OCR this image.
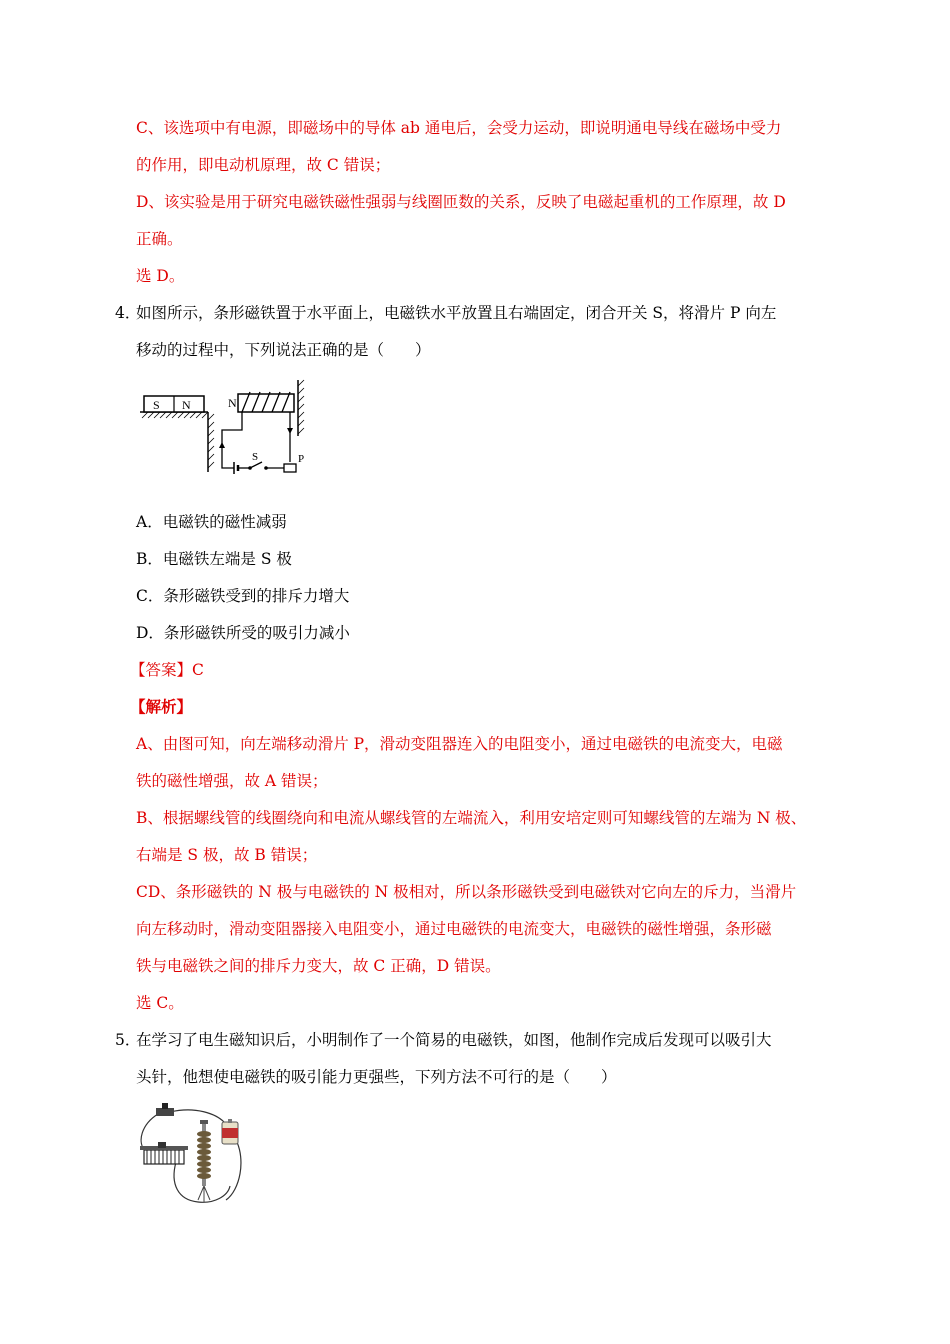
C、该选项中有电源，即磁场中的导体 ab 通电后，会受力运动，即说明通电导线在磁场中受力
的作用，即电动机原理，故 C 错误；
D、该实验是用于研究电磁铁磁性强弱与线圈匝数的关系，反映了电磁起重机的工作原理，故 D
正确。
选 D。
4．
如图所示，条形磁铁置于水平面上，电磁铁水平放置且右端固定，闭合开关 S，将滑片 P 向左
移动的过程中，下列说法正确的是（　　）
S N	N
S	P
A．电磁铁的磁性减弱
B．电磁铁左端是 S 极
C．条形磁铁受到的排斥力增大
D．条形磁铁所受的吸引力减小
【答案】C
【解析】
A、由图可知，向左端移动滑片 P，滑动变阻器连入的电阻变小，通过电磁铁的电流变大，电磁
铁的磁性增强，故 A 错误；
B、根据螺线管的线圈绕向和电流从螺线管的左端流入，利用安培定则可知螺线管的左端为 N 极、
右端是 S 极，故 B 错误；
CD、条形磁铁的 N 极与电磁铁的 N 极相对，所以条形磁铁受到电磁铁对它向左的斥力，当滑片
向左移动时，滑动变阻器接入电阻变小，通过电磁铁的电流变大，电磁铁的磁性增强，条形磁
铁与电磁铁之间的排斥力变大，故 C 正确，D 错误。
选 C。
5．
在学习了电生磁知识后，小明制作了一个简易的电磁铁，如图，他制作完成后发现可以吸引大
头针，他想使电磁铁的吸引能力更强些，下列方法不可行的是（　　）
